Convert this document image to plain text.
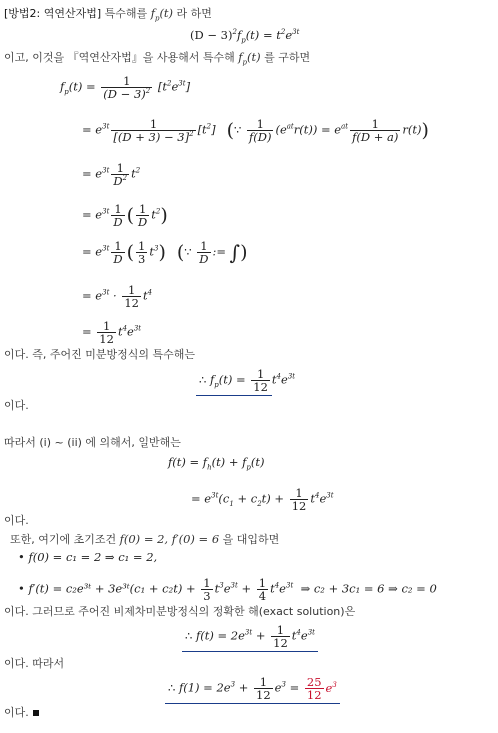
[방법2: 역연산자법] 특수해를 $f_p(t)$ 라 하면
$(D - 3)^2f_p(t) = t^2e^{3t}$
이고, 이것을 『역연산자법』을 사용해서 특수해 $f_p(t)$ 를 구하면
$f_p(t) = \frac{1}{(D - 3)^2} [t^2e^{3t}]$
= $e^{3t} \frac{1}{[(D + 3) - 3]^2} [t^2]$   (∵ $\frac{1}{f(D)} (e^{at}r(t)) = e^{at} \frac{1}{f(D + a)} r(t)$)
= $e^{3t} \frac{1}{D^2} t^2$
= $e^{3t} \frac{1}{D}$ ( $\frac{1}{D} t^2$)
= $e^{3t} \frac{1}{D}$ ( $\frac{1}{3} t^3$) (∵ $\frac{1}{D}$ := ∫)
= $e^{3t} \cdot \frac{1}{12} t^4$
= $\frac{1}{12} t^4e^{3t}$
이다. 즉, 주어진 미분방정식의 특수해는
∴ $f_p(t) = \frac{1}{12} t^4e^{3t}$
이다.
따라서 (i) ~ (ii) 에 의해서, 일반해는
$f(t) = f_h(t) + f_p(t)$
= $e^{3t}(c_1 + c_2t) + \frac{1}{12} t^4e^{3t}$
이다.
또한, 여기에 초기조건 f(0) = 2, f′(0) = 6 을 대입하면
• f(0) = c₁ = 2 ⇒ c₁ = 2,
• f′(t) = c₂e³ᵗ + 3e³ᵗ(c₁ + $c_2t) + \frac{1}{3} t^3e^{3t} + \frac{1}{4} t^4e^{3t}$ ⇒ c₂ + 3c₁ = 6 ⇒ c₂ = 0
이다. 그러므로 주어진 비제차미분방정식의 정확한 해(exact solution)은
∴ $f(t) = 2e^{3t} + \frac{1}{12} t^4e^{3t}$
이다. 따라서
∴ $f(1) = 2e^3 + \frac{1}{12} e^3 = \frac{25}{12} e^3$
이다.
